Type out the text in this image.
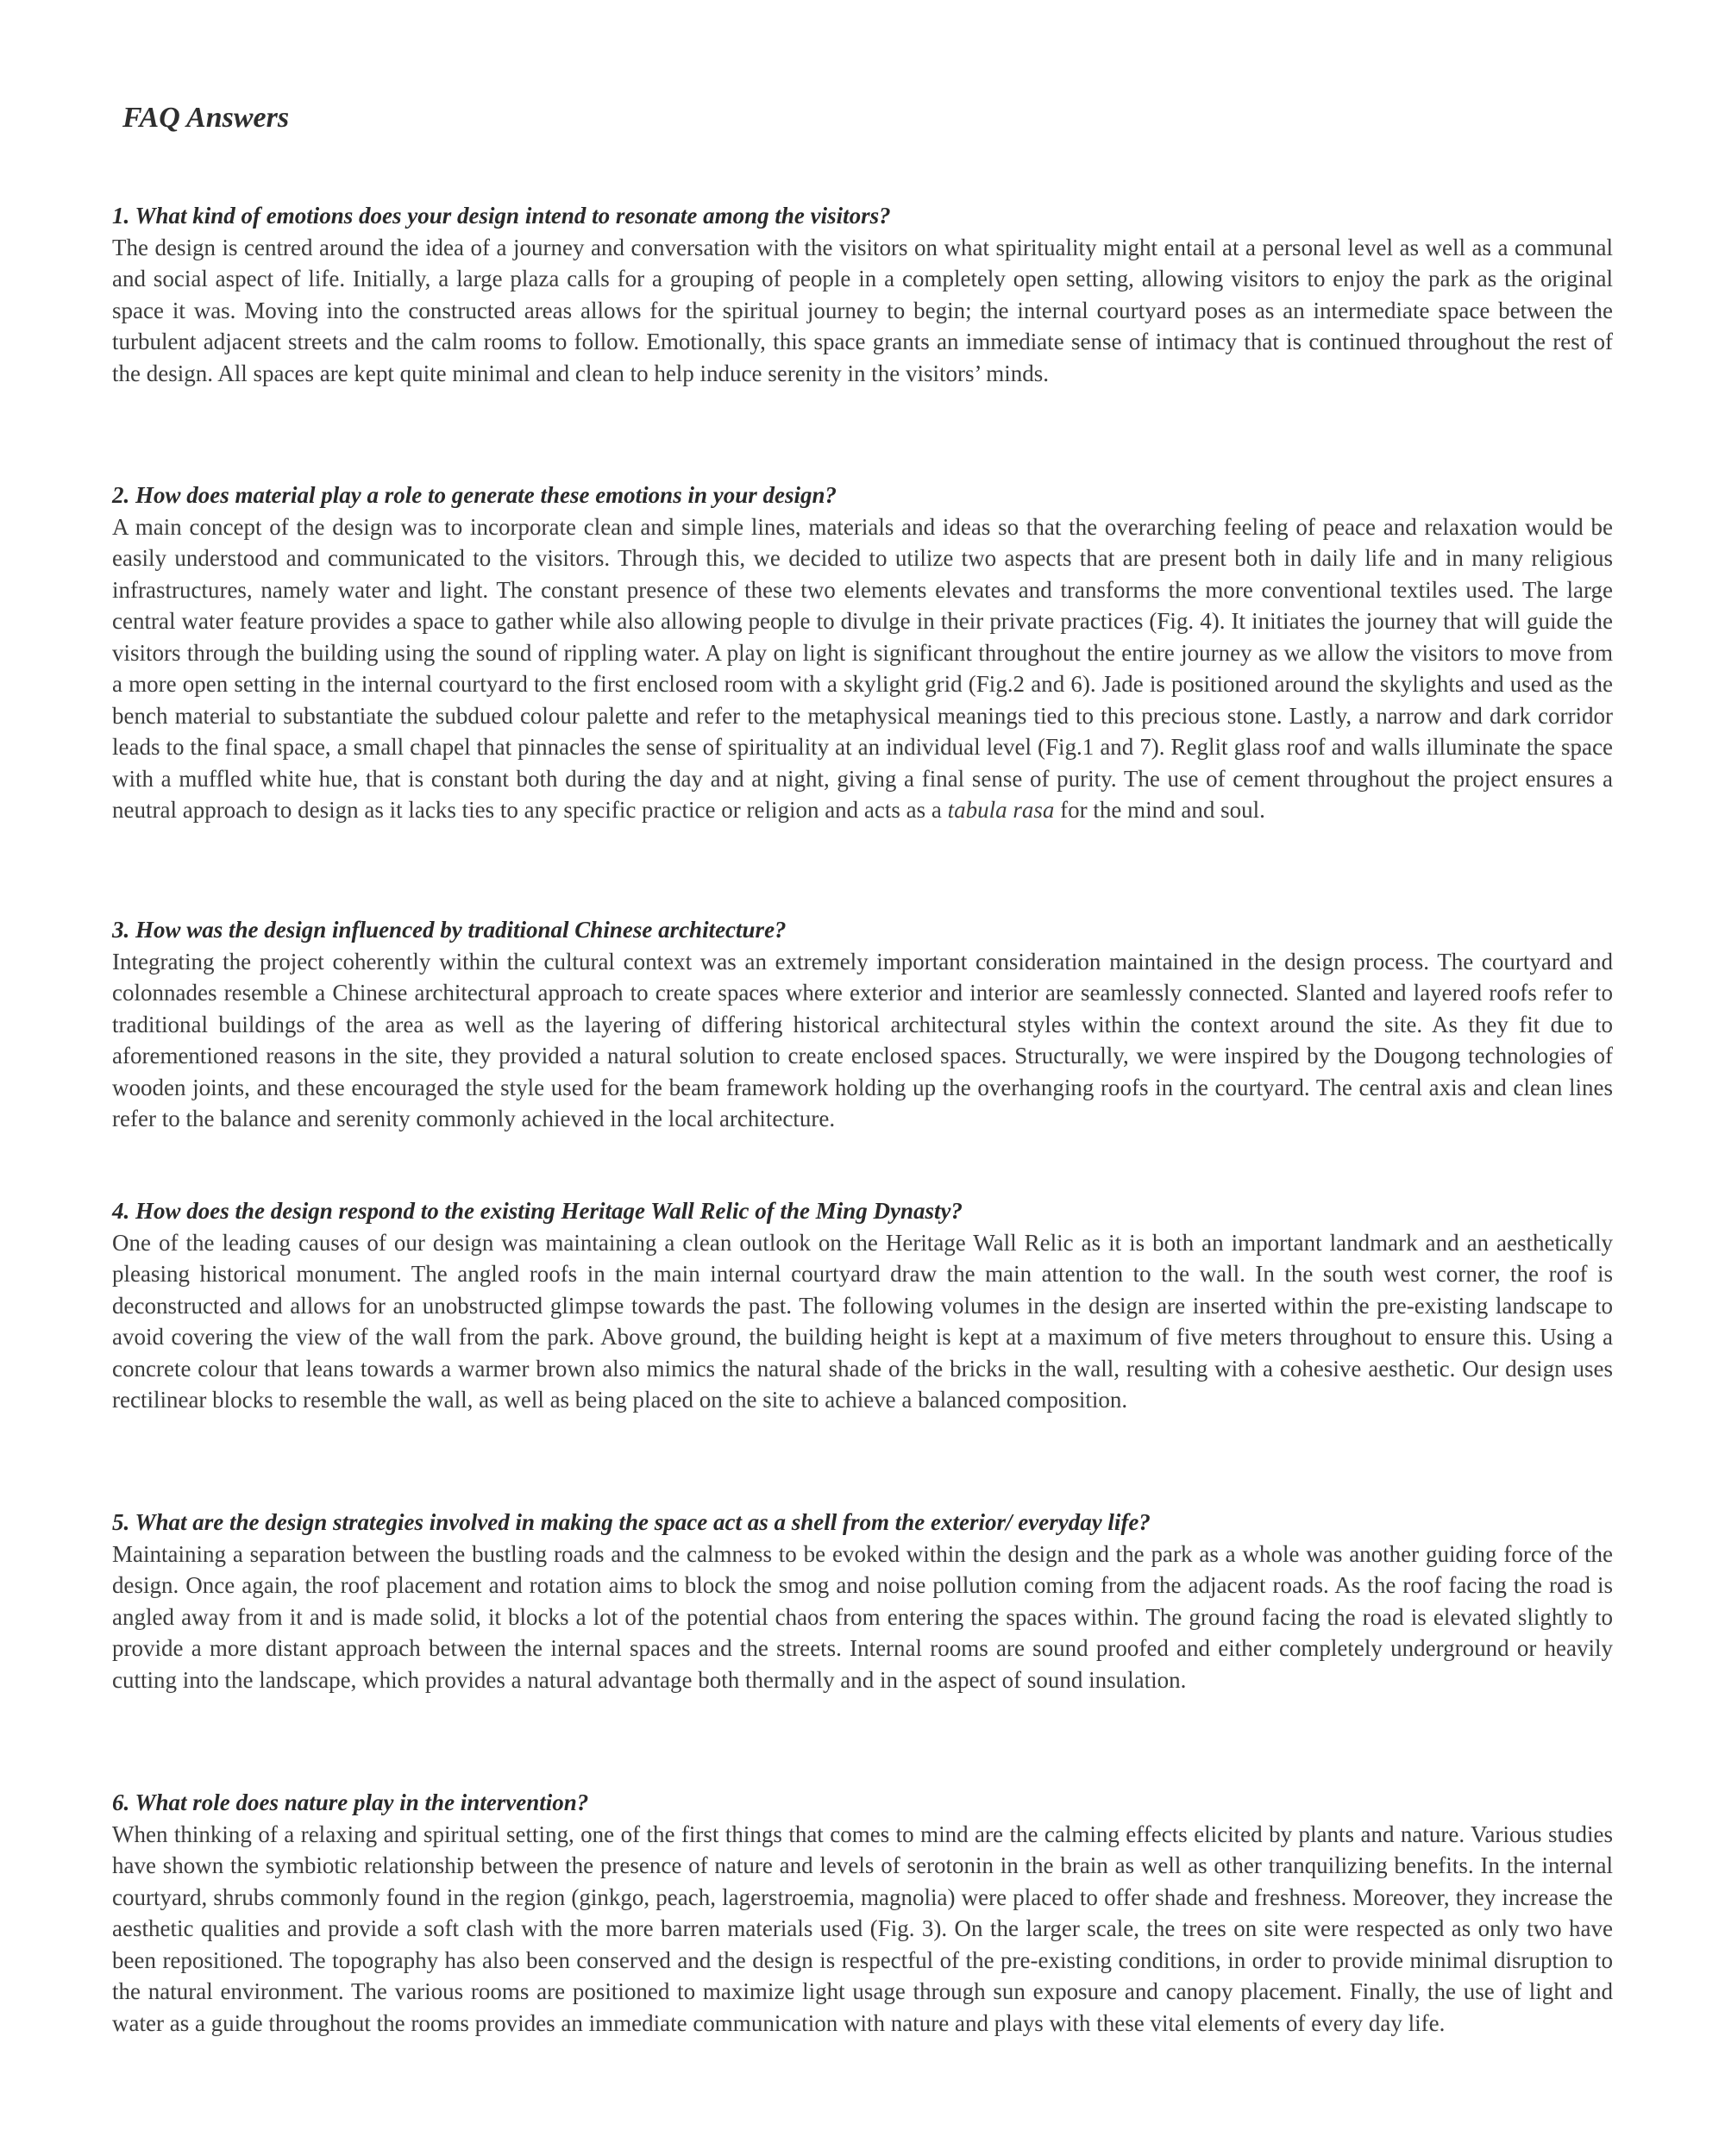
FAQ Answers

1. What kind of emotions does your design intend to resonate among the visitors?

The design is centred around the idea of a journey and conversation with the visitors on what spirituality might entail at a personal level as well as a communal and social aspect of life. Initially, a large plaza calls for a grouping of people in a completely open setting, allowing visitors to enjoy the park as the original space it was. Moving into the constructed areas allows for the spiritual journey to begin; the internal courtyard poses as an intermediate space between the turbulent adjacent streets and the calm rooms to follow. Emotionally, this space grants an immediate sense of intimacy that is continued throughout the rest of the design. All spaces are kept quite minimal and clean to help induce serenity in the visitors’ minds.

2. How does material play a role to generate these emotions in your design?

A main concept of the design was to incorporate clean and simple lines, materials and ideas so that the overarching feeling of peace and relaxation would be easily understood and communicated to the visitors. Through this, we decided to utilize two aspects that are present both in daily life and in many religious infrastructures, namely water and light. The constant presence of these two elements elevates and transforms the more conventional textiles used. The large central water feature provides a space to gather while also allowing people to divulge in their private practices (Fig. 4). It initiates the journey that will guide the visitors through the building using the sound of rippling water. A play on light is significant throughout the entire journey as we allow the visitors to move from a more open setting in the internal courtyard to the first enclosed room with a skylight grid (Fig.2 and 6). Jade is positioned around the skylights and used as the bench material to substantiate the subdued colour palette and refer to the metaphysical meanings tied to this precious stone. Lastly, a narrow and dark corridor leads to the final space, a small chapel that pinnacles the sense of spirituality at an individual level (Fig.1 and 7). Reglit glass roof and walls illuminate the space with a muffled white hue, that is constant both during the day and at night, giving a final sense of purity. The use of cement throughout the project ensures a neutral approach to design as it lacks ties to any specific practice or religion and acts as a tabula rasa for the mind and soul.

3. How was the design influenced by traditional Chinese architecture?

Integrating the project coherently within the cultural context was an extremely important consideration maintained in the design process. The courtyard and colonnades resemble a Chinese architectural approach to create spaces where exterior and interior are seamlessly connected. Slanted and layered roofs refer to traditional buildings of the area as well as the layering of differing historical architectural styles within the context around the site. As they fit due to aforementioned reasons in the site, they provided a natural solution to create enclosed spaces. Structurally, we were inspired by the Dougong technologies of wooden joints, and these encouraged the style used for the beam framework holding up the overhanging roofs in the courtyard. The central axis and clean lines refer to the balance and serenity commonly achieved in the local architecture.

4. How does the design respond to the existing Heritage Wall Relic of the Ming Dynasty?

One of the leading causes of our design was maintaining a clean outlook on the Heritage Wall Relic as it is both an important landmark and an aesthetically pleasing historical monument. The angled roofs in the main internal courtyard draw the main attention to the wall. In the south west corner, the roof is deconstructed and allows for an unobstructed glimpse towards the past. The following volumes in the design are inserted within the pre-existing landscape to avoid covering the view of the wall from the park. Above ground, the building height is kept at a maximum of five meters throughout to ensure this. Using a concrete colour that leans towards a warmer brown also mimics the natural shade of the bricks in the wall, resulting with a cohesive aesthetic. Our design uses rectilinear blocks to resemble the wall, as well as being placed on the site to achieve a balanced composition.

5. What are the design strategies involved in making the space act as a shell from the exterior/ everyday life?

Maintaining a separation between the bustling roads and the calmness to be evoked within the design and the park as a whole was another guiding force of the design. Once again, the roof placement and rotation aims to block the smog and noise pollution coming from the adjacent roads. As the roof facing the road is angled away from it and is made solid, it blocks a lot of the potential chaos from entering the spaces within. The ground facing the road is elevated slightly to provide a more distant approach between the internal spaces and the streets. Internal rooms are sound proofed and either completely underground or heavily cutting into the landscape, which provides a natural advantage both thermally and in the aspect of sound insulation.

6. What role does nature play in the intervention?

When thinking of a relaxing and spiritual setting, one of the first things that comes to mind are the calming effects elicited by plants and nature. Various studies have shown the symbiotic relationship between the presence of nature and levels of serotonin in the brain as well as other tranquilizing benefits. In the internal courtyard, shrubs commonly found in the region (ginkgo, peach, lagerstroemia, magnolia) were placed to offer shade and freshness. Moreover, they increase the aesthetic qualities and provide a soft clash with the more barren materials used (Fig. 3). On the larger scale, the trees on site were respected as only two have been repositioned. The topography has also been conserved and the design is respectful of the pre-existing conditions, in order to provide minimal disruption to the natural environment. The various rooms are positioned to maximize light usage through sun exposure and canopy placement. Finally, the use of light and water as a guide throughout the rooms provides an immediate communication with nature and plays with these vital elements of every day life.
